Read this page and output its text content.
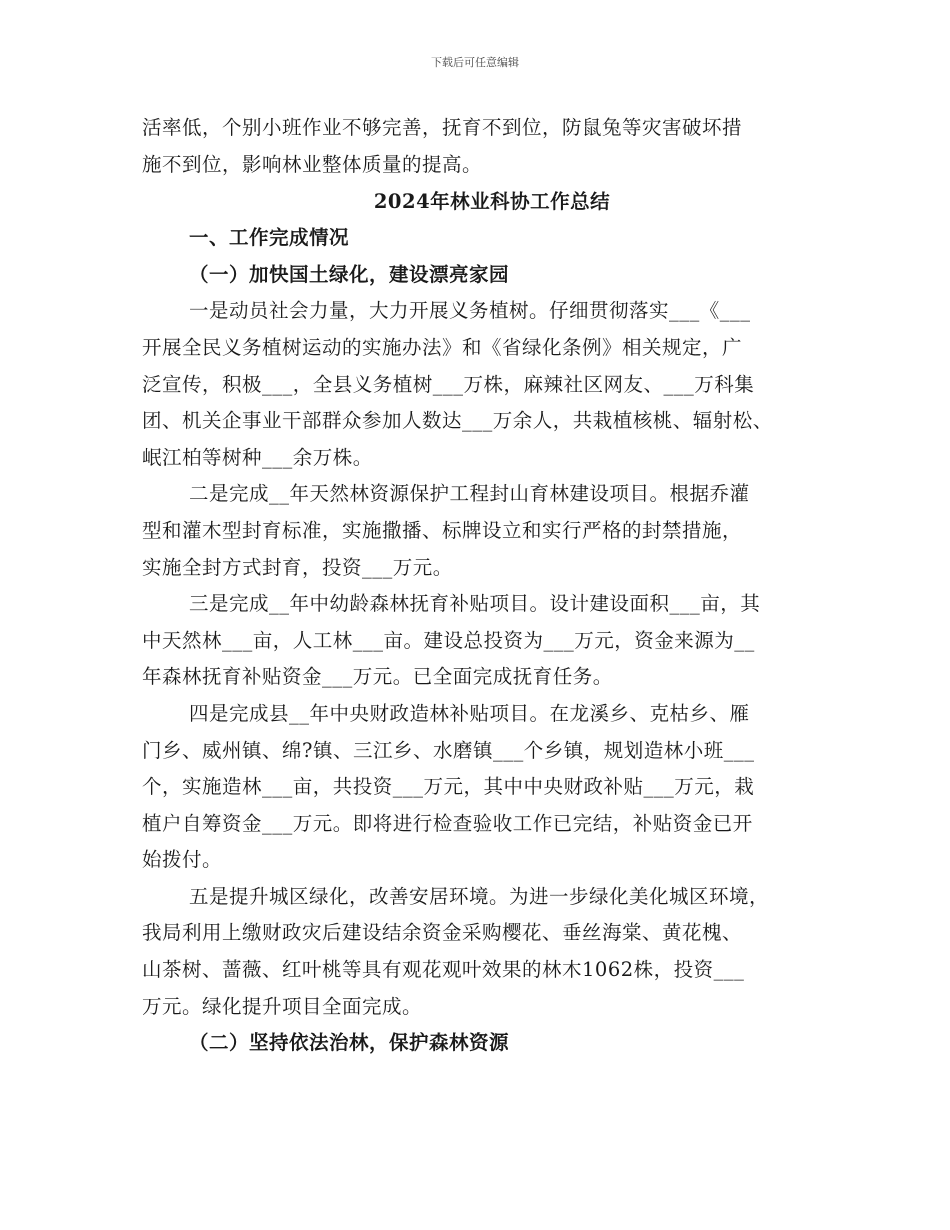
下载后可任意编辑
活率低，个别小班作业不够完善，抚育不到位，防鼠兔等灾害破坏措
施不到位，影响林业整体质量的提高。
2024年林业科协工作总结
一、工作完成情况
（一）加快国土绿化，建设漂亮家园
一是动员社会力量，大力开展义务植树。仔细贯彻落实___《___
开展全民义务植树运动的实施办法》和《省绿化条例》相关规定，广
泛宣传，积极___，全县义务植树___万株，麻辣社区网友、___万科集
团、机关企事业干部群众参加人数达___万余人，共栽植核桃、辐射松、
岷江柏等树种___余万株。
二是完成__年天然林资源保护工程封山育林建设项目。根据乔灌
型和灌木型封育标准，实施撒播、标牌设立和实行严格的封禁措施，
实施全封方式封育，投资___万元。
三是完成__年中幼龄森林抚育补贴项目。设计建设面积___亩，其
中天然林___亩，人工林___亩。建设总投资为___万元，资金来源为__
年森林抚育补贴资金___万元。已全面完成抚育任务。
四是完成县__年中央财政造林补贴项目。在龙溪乡、克枯乡、雁
门乡、威州镇、绵?镇、三江乡、水磨镇___个乡镇，规划造林小班___
个，实施造林___亩，共投资___万元，其中中央财政补贴___万元，栽
植户自筹资金___万元。即将进行检查验收工作已完结，补贴资金已开
始拨付。
五是提升城区绿化，改善安居环境。为进一步绿化美化城区环境，
我局利用上缴财政灾后建设结余资金采购樱花、垂丝海棠、黄花槐、
山茶树、蔷薇、红叶桃等具有观花观叶效果的林木1062株，投资___
万元。绿化提升项目全面完成。
（二）坚持依法治林，保护森林资源
